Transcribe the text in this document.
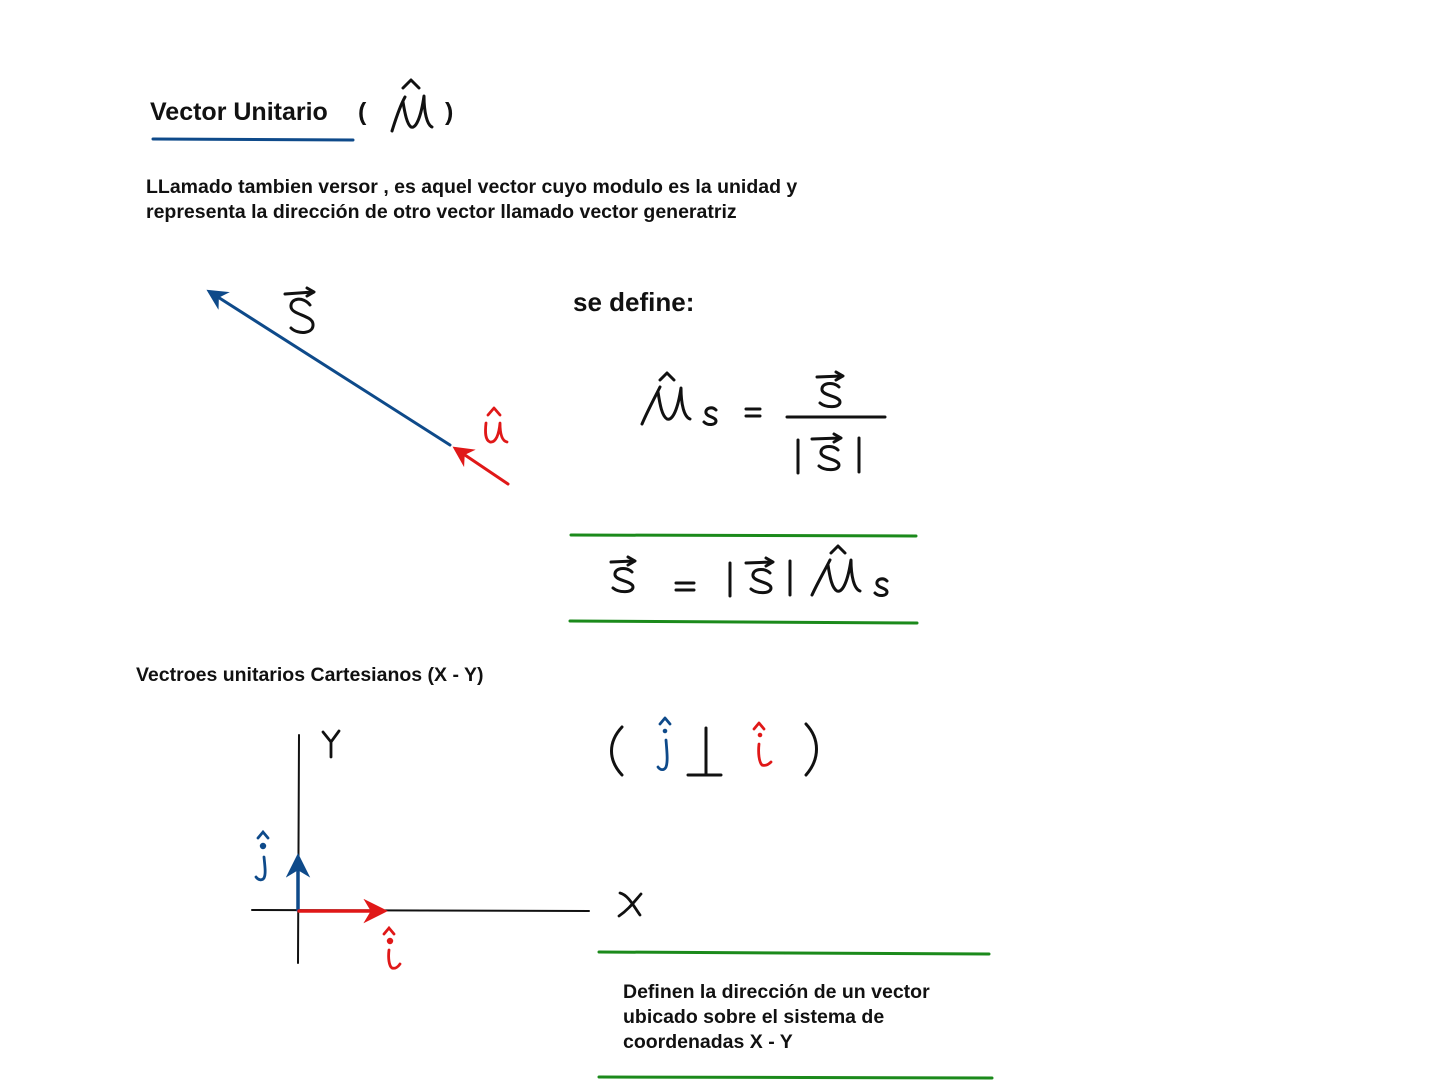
Vector Unitario (	)
LLamado tambien versor , es aquel vector cuyo modulo es la unidad y
representa la dirección de otro vector llamado vector generatriz
se define:
Vectroes unitarios Cartesianos (X - Y)
Definen la dirección de un vector
ubicado sobre el sistema de
coordenadas X - Y
